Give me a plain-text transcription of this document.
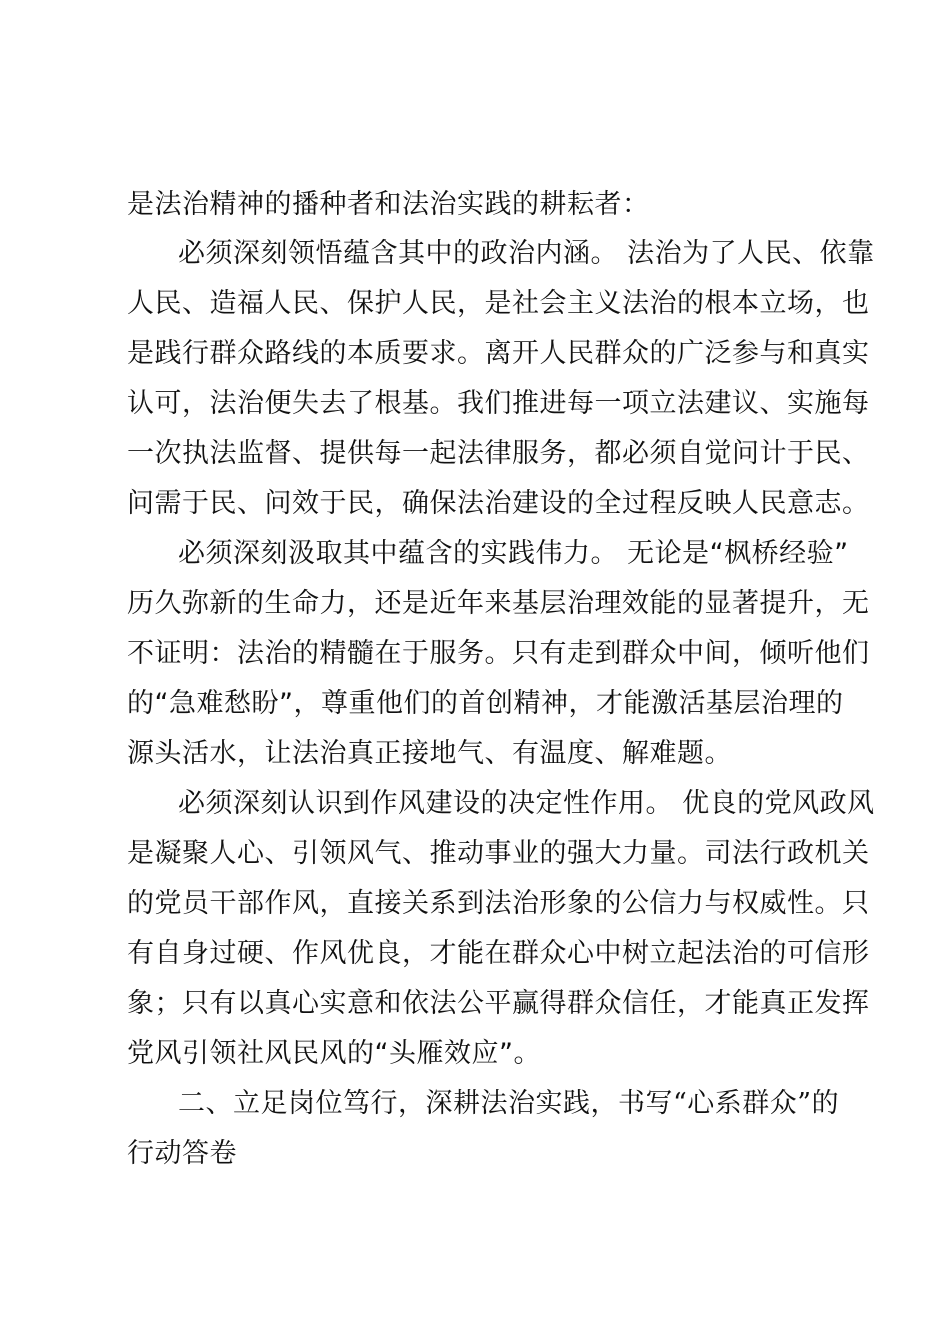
是法治精神的播种者和法治实践的耕耘者：
必须深刻领悟蕴含其中的政治内涵。 法治为了人民、依靠
人民、造福人民、保护人民，是社会主义法治的根本立场，也
是践行群众路线的本质要求。离开人民群众的广泛参与和真实
认可，法治便失去了根基。我们推进每一项立法建议、实施每
一次执法监督、提供每一起法律服务，都必须自觉问计于民、
问需于民、问效于民，确保法治建设的全过程反映人民意志。
必须深刻汲取其中蕴含的实践伟力。 无论是“枫桥经验”
历久弥新的生命力，还是近年来基层治理效能的显著提升，无
不证明：法治的精髓在于服务。只有走到群众中间，倾听他们
的“急难愁盼”，尊重他们的首创精神，才能激活基层治理的
源头活水，让法治真正接地气、有温度、解难题。
必须深刻认识到作风建设的决定性作用。 优良的党风政风
是凝聚人心、引领风气、推动事业的强大力量。司法行政机关
的党员干部作风，直接关系到法治形象的公信力与权威性。只
有自身过硬、作风优良，才能在群众心中树立起法治的可信形
象；只有以真心实意和依法公平赢得群众信任，才能真正发挥
党风引领社风民风的“头雁效应”。
二、立足岗位笃行，深耕法治实践，书写“心系群众”的
行动答卷
